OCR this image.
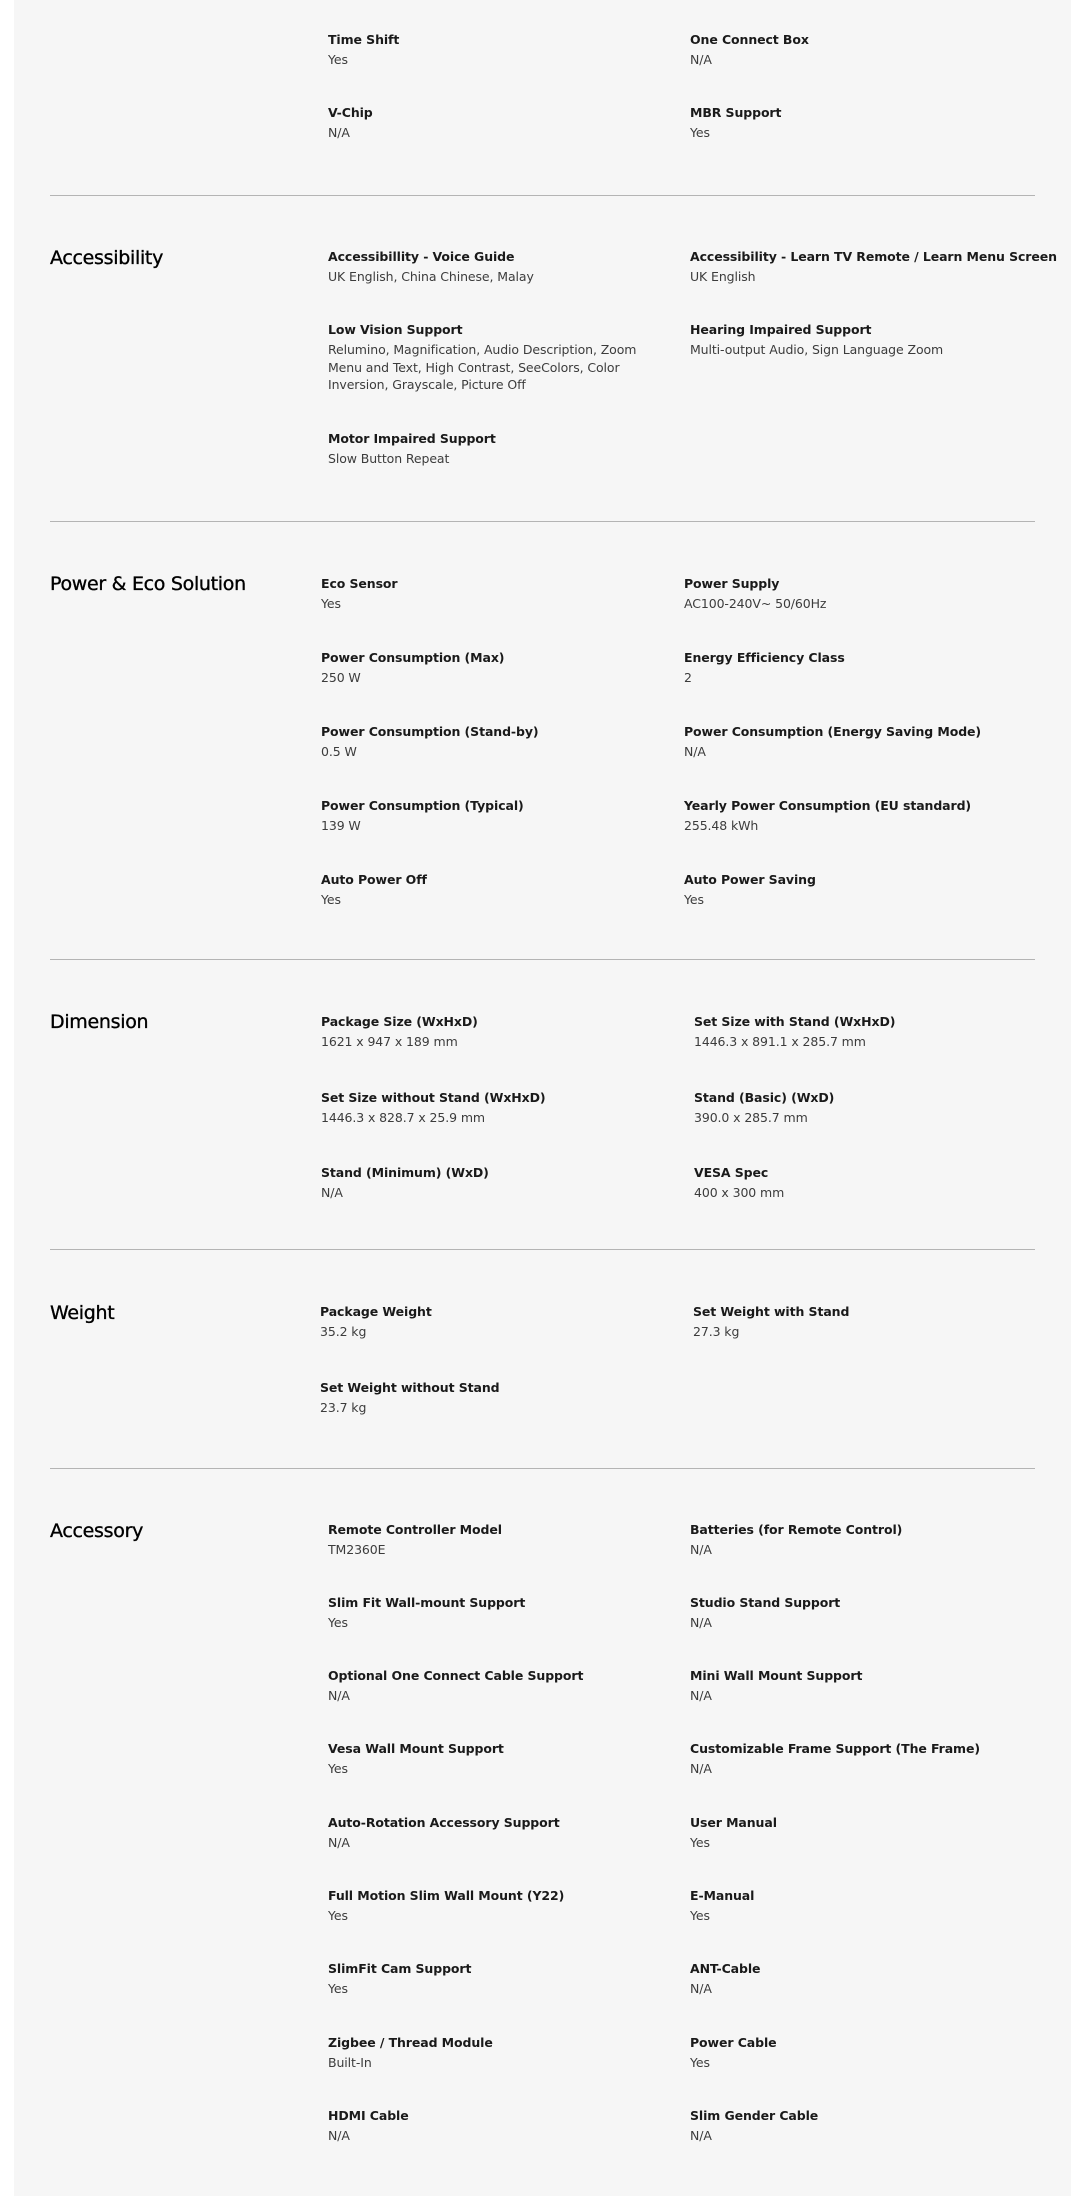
Time Shift
Yes
One Connect Box
N/A
V-Chip
N/A
MBR Support
Yes
Accessibility	Accessibillity - Voice Guide
UK English, China Chinese, Malay
Accessibility - Learn TV Remote / Learn Menu Screen
UK English
Low Vision Support
Relumino, Magnification, Audio Description, Zoom Menu and Text, High Contrast, SeeColors, Color Inversion, Grayscale, Picture Off
Hearing Impaired Support
Multi-output Audio, Sign Language Zoom
Motor Impaired Support
Slow Button Repeat
Power & Eco Solution	Eco Sensor
Yes
Power Supply
AC100-240V~ 50/60Hz
Power Consumption (Max)
250 W
Energy Efficiency Class
2
Power Consumption (Stand-by)
0.5 W
Power Consumption (Energy Saving Mode)
N/A
Power Consumption (Typical)
139 W
Yearly Power Consumption (EU standard)
255.48 kWh
Auto Power Off
Yes
Auto Power Saving
Yes
Dimension	Package Size (WxHxD)
1621 x 947 x 189 mm
Set Size with Stand (WxHxD)
1446.3 x 891.1 x 285.7 mm
Set Size without Stand (WxHxD)
1446.3 x 828.7 x 25.9 mm
Stand (Basic) (WxD)
390.0 x 285.7 mm
Stand (Minimum) (WxD)
N/A
VESA Spec
400 x 300 mm
Weight	Package Weight
35.2 kg
Set Weight with Stand
27.3 kg
Set Weight without Stand
23.7 kg
Accessory	Remote Controller Model
TM2360E
Batteries (for Remote Control)
N/A
Slim Fit Wall-mount Support
Yes
Studio Stand Support
N/A
Optional One Connect Cable Support
N/A
Mini Wall Mount Support
N/A
Vesa Wall Mount Support
Yes
Customizable Frame Support (The Frame)
N/A
Auto-Rotation Accessory Support
N/A
User Manual
Yes
Full Motion Slim Wall Mount (Y22)
Yes
E-Manual
Yes
SlimFit Cam Support
Yes
ANT-Cable
N/A
Zigbee / Thread Module
Built-In
Power Cable
Yes
HDMI Cable
N/A
Slim Gender Cable
N/A
